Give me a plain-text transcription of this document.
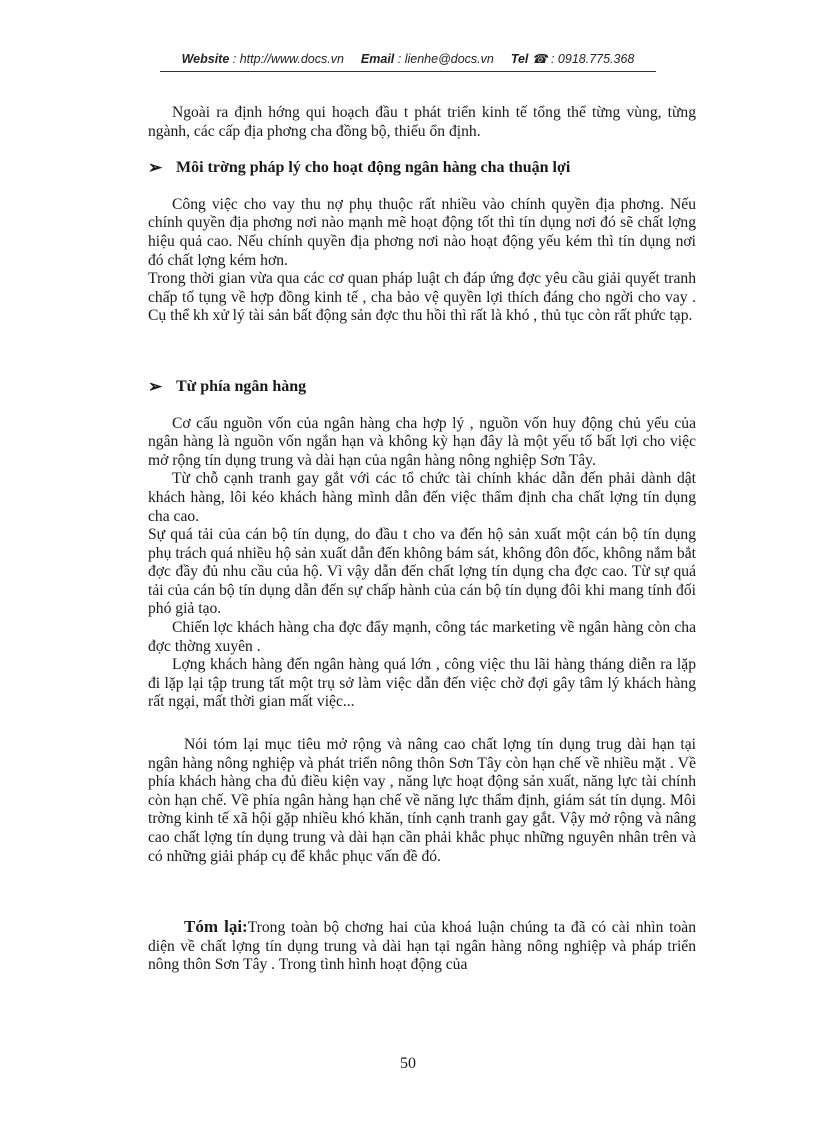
Website : http://www.docs.vn Email : lienhe@docs.vn Tel ☎ : 0918.775.368

Ngoài ra định hớng qui hoạch đầu t phát triển kinh tế tổng thể từng vùng, từng ngành, các cấp địa phơng cha đồng bộ, thiếu ổn định.

➢ Môi trờng pháp lý cho hoạt động ngân hàng cha thuận lợi

Công việc cho vay thu nợ phụ thuộc rất nhiều vào chính quyền địa phơng. Nếu chính quyền địa phơng nơi nào mạnh mẽ hoạt động tốt thì tín dụng nơi đó sẽ chất lợng hiệu quả cao. Nếu chính quyền địa phơng nơi nào hoạt động yếu kém thì tín dụng nơi đó chất lợng kém hơn.

Trong thời gian vừa qua các cơ quan pháp luật ch đáp ứng đợc yêu cầu giải quyết tranh chấp tố tụng về hợp đồng kinh tế , cha bảo vệ quyền lợi thích đáng cho ngời cho vay . Cụ thể kh xử lý tài sản bất động sản đợc thu hồi thì rất là khó , thủ tục còn rất phức tạp.

➢ Từ phía ngân hàng

Cơ cấu nguồn vốn của ngân hàng cha hợp lý , nguồn vốn huy động chủ yếu của ngân hàng là nguồn vốn ngắn hạn và không kỳ hạn đây là một yếu tố bất lợi cho việc mở rộng tín dụng trung và dài hạn của ngân hàng nông nghiệp Sơn Tây.

Từ chỗ cạnh tranh gay gắt với các tổ chức tài chính khác dẫn đến phải dành dật khách hàng, lôi kéo khách hàng mình dẫn đến việc thẩm định cha chất lợng tín dụng cha cao.

Sự quá tải của cán bộ tín dụng, do đầu t cho va đến hộ sản xuất một cán bộ tín dụng phụ trách quá nhiều hộ sản xuất dẫn đến không bám sát, không đôn đốc, không nắm bắt đợc đầy đủ nhu cầu của hộ. Vì vậy dẫn đến chất lợng tín dụng cha đợc cao. Từ sự quá tải của cán bộ tín dụng dẫn đến sự chấp hành của cán bộ tín dụng đôi khi mang tính đối phó giả tạo.

Chiến lợc khách hàng cha đợc đẩy mạnh, công tác marketing về ngân hàng còn cha đợc thờng xuyên .

Lợng khách hàng đến ngân hàng quá lớn , công việc thu lãi hàng tháng diễn ra lặp đi lặp lại tập trung tất một trụ sở làm việc dẫn đến việc chờ đợi gây tâm lý khách hàng rất ngại, mất thời gian mất việc...

Nói tóm lại mục tiêu mở rộng và nâng cao chất lợng tín dụng trug dài hạn tại ngân hàng nông nghiệp và phát triển nông thôn Sơn Tây còn hạn chế về nhiều mặt . Về phía khách hàng cha đủ điều kiện vay , năng lực hoạt động sản xuất, năng lực tài chính còn hạn chế. Về phía ngân hàng hạn chế về năng lực thẩm định, giám sát tín dụng. Môi trờng kinh tế xã hội gặp nhiều khó khăn, tính cạnh tranh gay gắt. Vậy mở rộng và nâng cao chất lợng tín dụng trung và dài hạn cần phải khắc phục những nguyên nhân trên và có những giải pháp cụ để khắc phục vấn đề đó.

Tóm lại:Trong toàn bộ chơng hai của khoá luận chúng ta đã có cài nhìn toàn diện về chất lợng tín dụng trung và dài hạn tại ngân hàng nông nghiệp và pháp triển nông thôn Sơn Tây . Trong tình hình hoạt động của

50
